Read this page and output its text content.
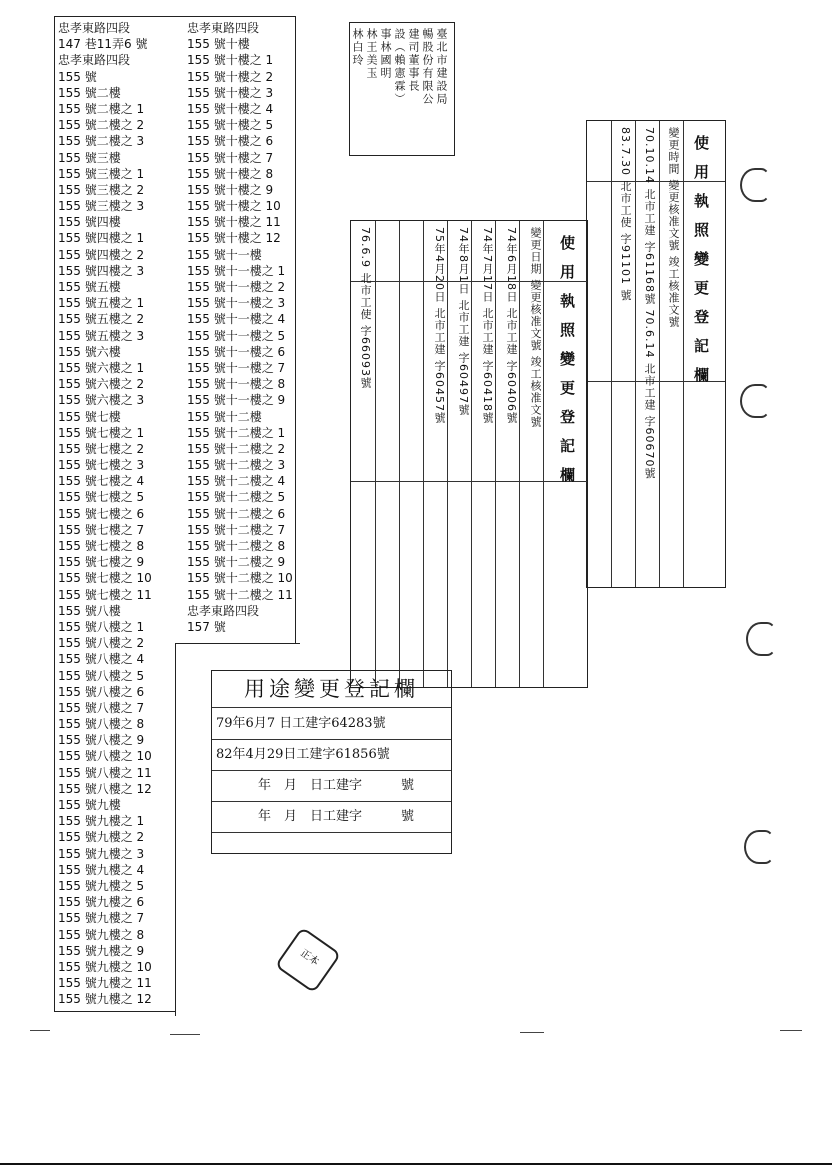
忠孝東路四段
147 巷11弄6 號
忠孝東路四段
155 號
155 號二樓
155 號二樓之 1
155 號二樓之 2
155 號二樓之 3
155 號三樓
155 號三樓之 1
155 號三樓之 2
155 號三樓之 3
155 號四樓
155 號四樓之 1
155 號四樓之 2
155 號四樓之 3
155 號五樓
155 號五樓之 1
155 號五樓之 2
155 號五樓之 3
155 號六樓
155 號六樓之 1
155 號六樓之 2
155 號六樓之 3
155 號七樓
155 號七樓之 1
155 號七樓之 2
155 號七樓之 3
155 號七樓之 4
155 號七樓之 5
155 號七樓之 6
155 號七樓之 7
155 號七樓之 8
155 號七樓之 9
155 號七樓之 10
155 號七樓之 11
155 號八樓
155 號八樓之 1
155 號八樓之 2
155 號八樓之 4
155 號八樓之 5
155 號八樓之 6
155 號八樓之 7
155 號八樓之 8
155 號八樓之 9
155 號八樓之 10
155 號八樓之 11
155 號八樓之 12
155 號九樓
155 號九樓之 1
155 號九樓之 2
155 號九樓之 3
155 號九樓之 4
155 號九樓之 5
155 號九樓之 6
155 號九樓之 7
155 號九樓之 8
155 號九樓之 9
155 號九樓之 10
155 號九樓之 11
155 號九樓之 12
忠孝東路四段
155 號十樓
155 號十樓之 1
155 號十樓之 2
155 號十樓之 3
155 號十樓之 4
155 號十樓之 5
155 號十樓之 6
155 號十樓之 7
155 號十樓之 8
155 號十樓之 9
155 號十樓之 10
155 號十樓之 11
155 號十樓之 12
155 號十一樓
155 號十一樓之 1
155 號十一樓之 2
155 號十一樓之 3
155 號十一樓之 4
155 號十一樓之 5
155 號十一樓之 6
155 號十一樓之 7
155 號十一樓之 8
155 號十一樓之 9
155 號十二樓
155 號十二樓之 1
155 號十二樓之 2
155 號十二樓之 3
155 號十二樓之 4
155 號十二樓之 5
155 號十二樓之 6
155 號十二樓之 7
155 號十二樓之 8
155 號十二樓之 9
155 號十二樓之 10
155 號十二樓之 11
忠孝東路四段
157 號
臺北市建設局
暢股份有限公
建司董事長
設（賴憲霖）
事林國明
林王美玉
林白玲
使用執照變更登記欄
變更時間 變更核准文號 竣工核准文號
70.10.14 北市工建 字61168號 70.6.14 北市工建 字60670號
83.7.30 北市工使 字91101 號
使用執照變更登記欄
變更日期 變更核准文號 竣工核准文號
74年6月18日 北市工建 字60406號
74年7月17日 北市工建 字60418號
74年8月1日 北市工建 字60497號
75年4月20日 北市工建 字60457號
76.6.9 北市工使 字66093號
用途變更登記欄
79年6月7 日工建字64283號
82年4月29日工建字61856號
年　月　日工建字　　　號
年　月　日工建字　　　號
正本
